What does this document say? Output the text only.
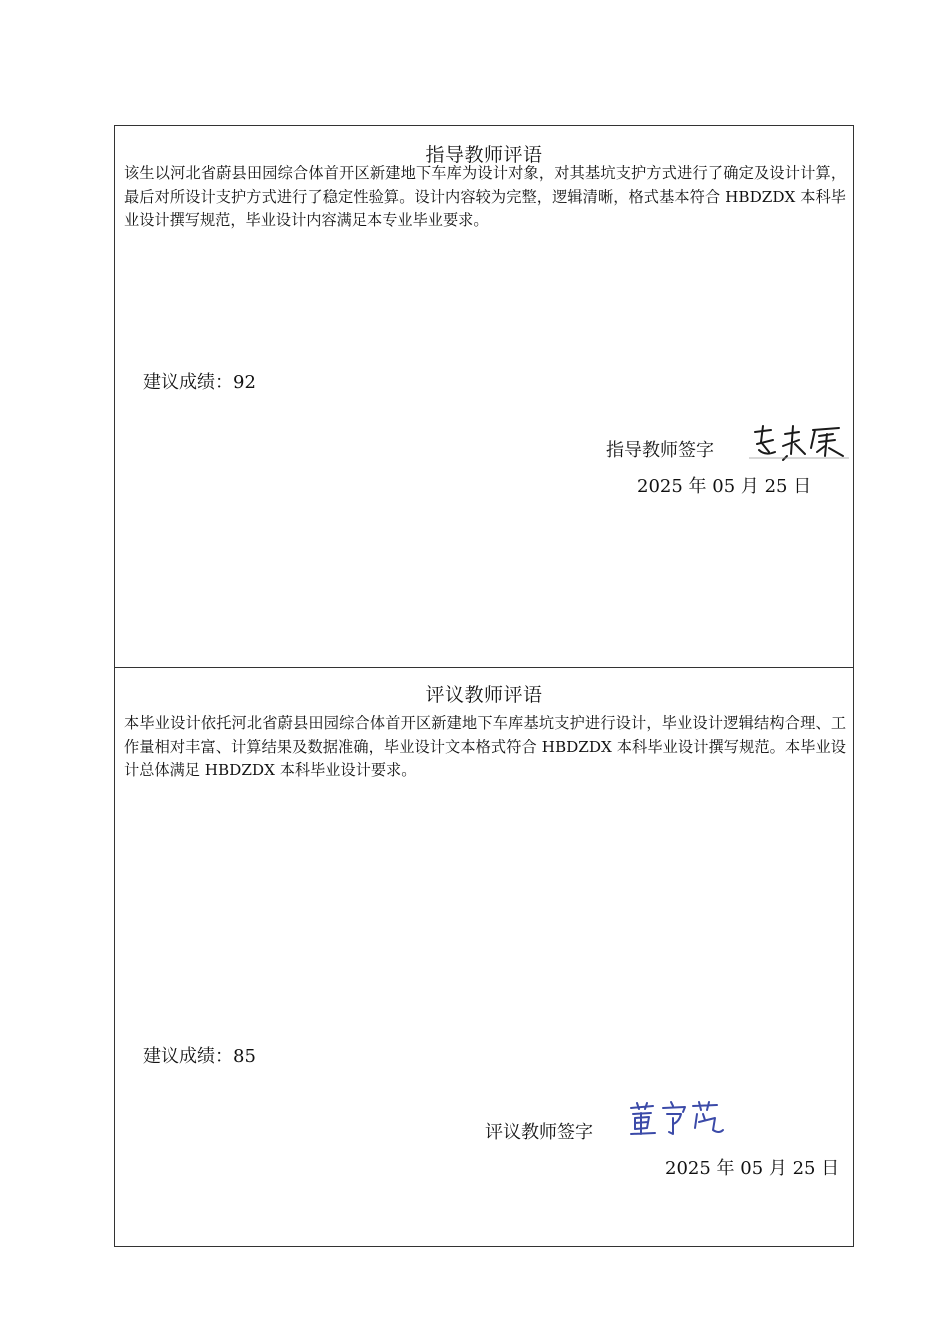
指导教师评语
该生以河北省蔚县田园综合体首开区新建地下车库为设计对象，对其基坑支护方式进行了确定及设计计算，最后对所设计支护方式进行了稳定性验算。设计内容较为完整，逻辑清晰，格式基本符合 HBDZDX 本科毕业设计撰写规范，毕业设计内容满足本专业毕业要求。
建议成绩：92
指导教师签字
2025 年 05 月 25 日
评议教师评语
本毕业设计依托河北省蔚县田园综合体首开区新建地下车库基坑支护进行设计，毕业设计逻辑结构合理、工作量相对丰富、计算结果及数据准确，毕业设计文本格式符合 HBDZDX 本科毕业设计撰写规范。本毕业设计总体满足 HBDZDX 本科毕业设计要求。
建议成绩：85
评议教师签字
2025 年 05 月 25 日
